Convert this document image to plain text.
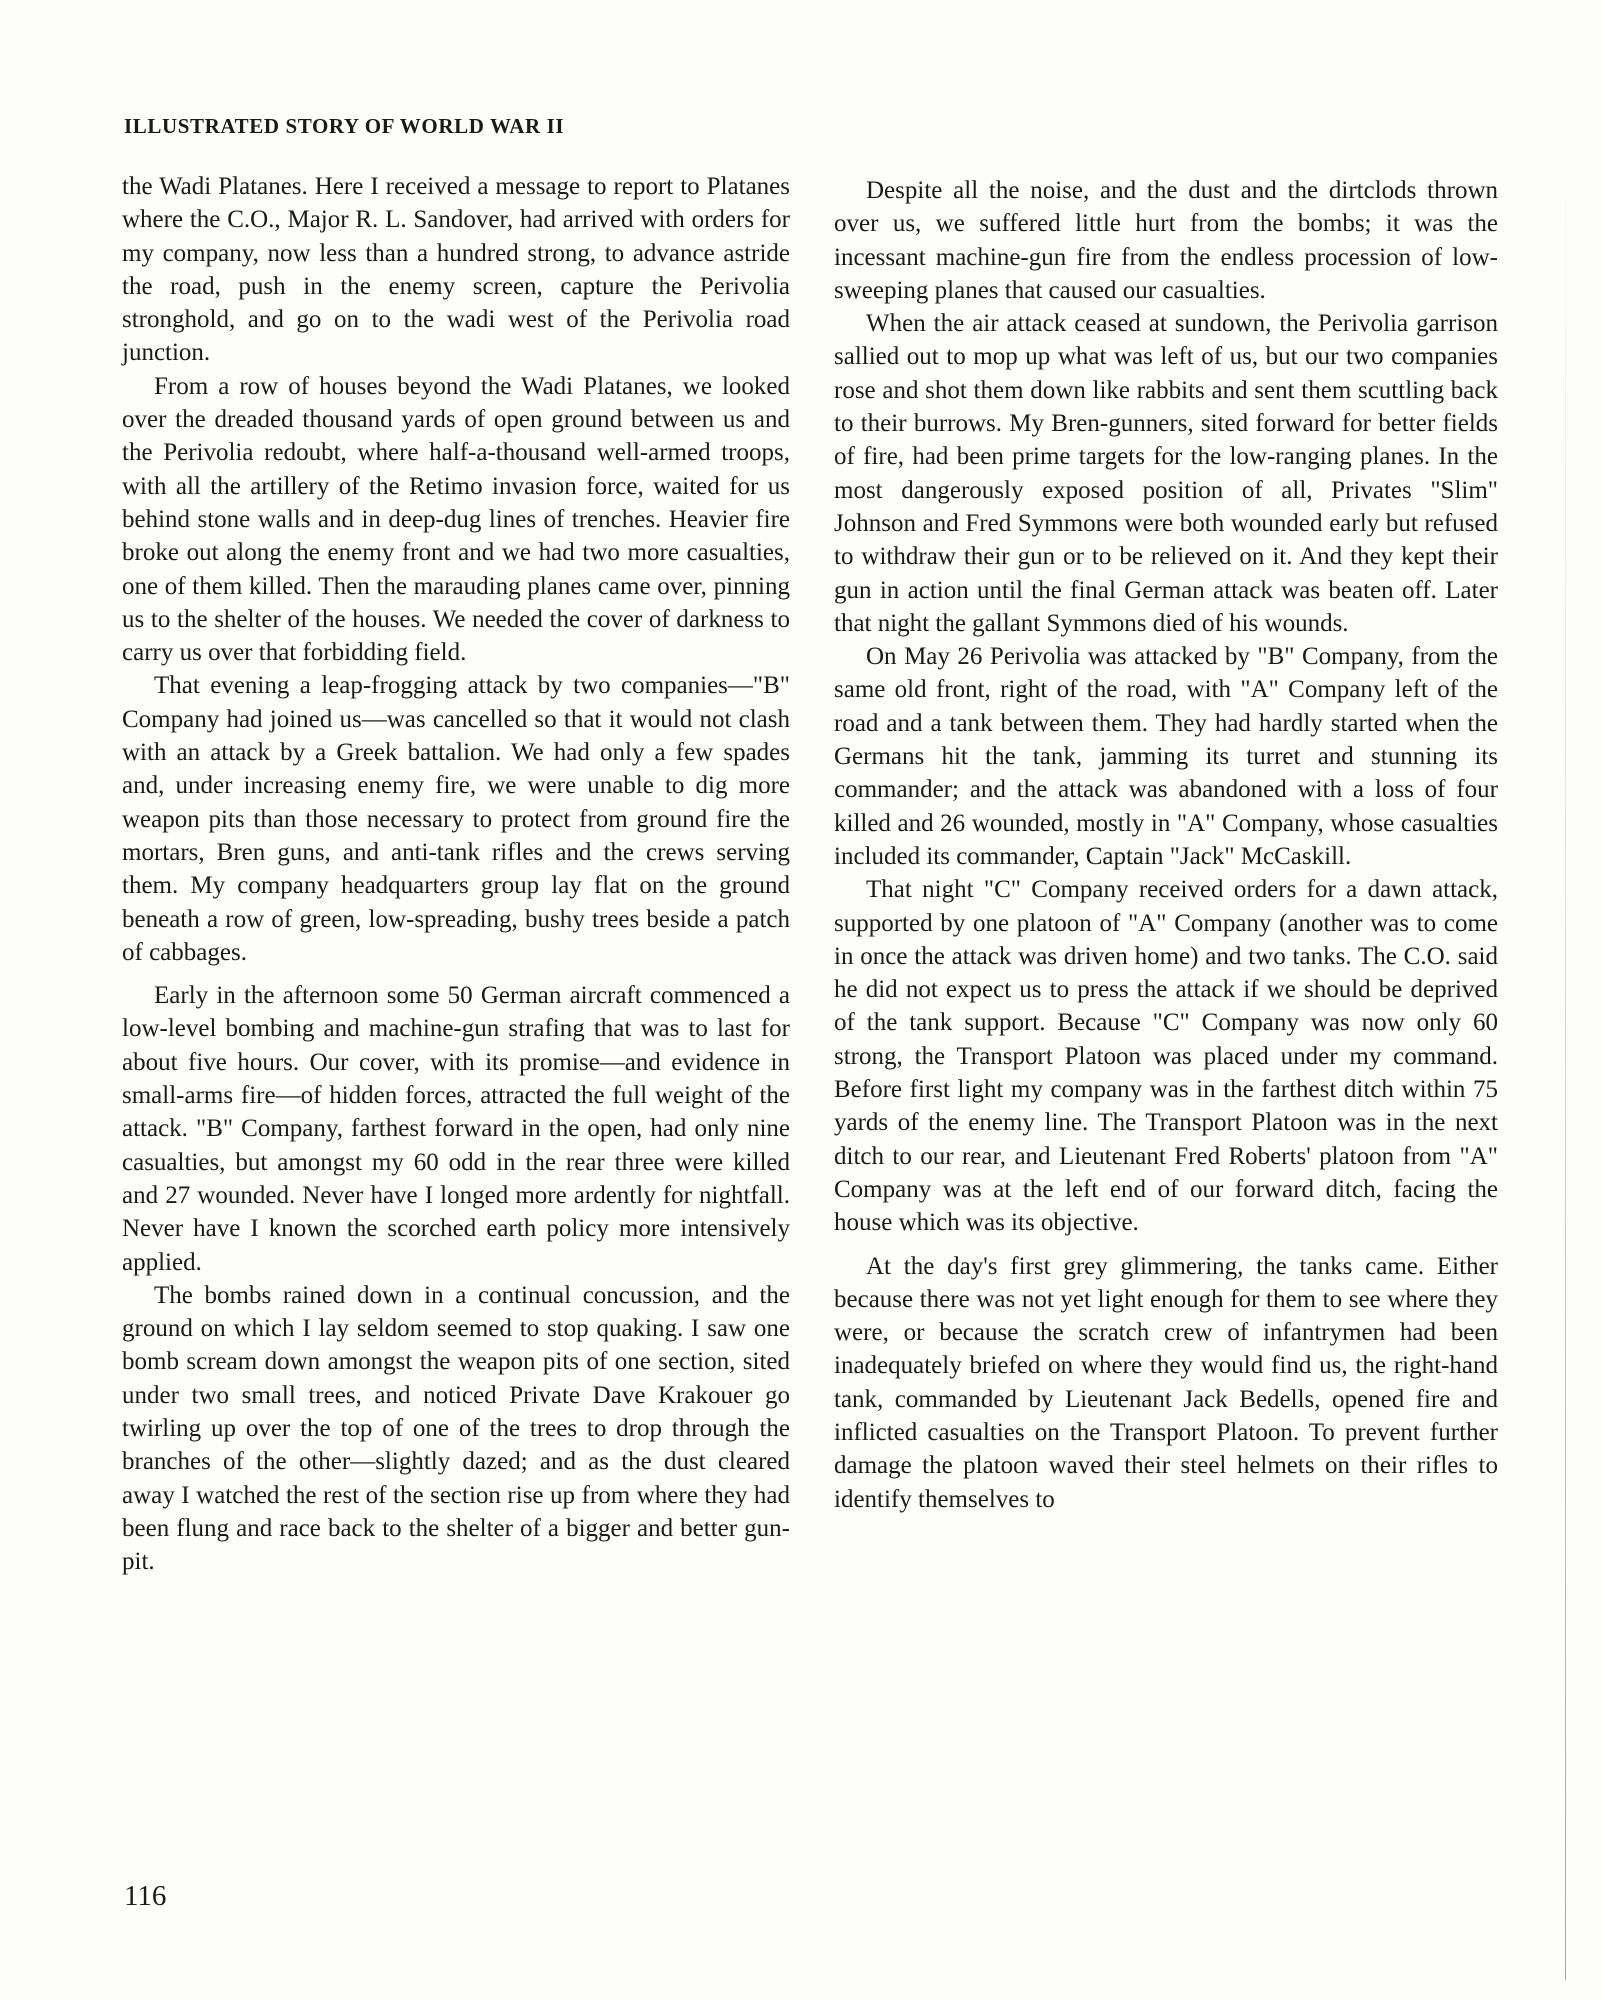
ILLUSTRATED STORY OF WORLD WAR II

the Wadi Platanes. Here I received a message to report to Platanes where the C.O., Major R. L. Sandover, had arrived with orders for my company, now less than a hundred strong, to advance astride the road, push in the enemy screen, capture the Perivolia stronghold, and go on to the wadi west of the Perivolia road junction.

From a row of houses beyond the Wadi Platanes, we looked over the dreaded thousand yards of open ground between us and the Perivolia redoubt, where half-a-thousand well-armed troops, with all the artillery of the Retimo invasion force, waited for us behind stone walls and in deep-dug lines of trenches. Heavier fire broke out along the enemy front and we had two more casualties, one of them killed. Then the marauding planes came over, pinning us to the shelter of the houses. We needed the cover of darkness to carry us over that forbidding field.

That evening a leap-frogging attack by two companies—"B" Company had joined us—was cancelled so that it would not clash with an attack by a Greek battalion. We had only a few spades and, under increasing enemy fire, we were unable to dig more weapon pits than those necessary to protect from ground fire the mortars, Bren guns, and anti-tank rifles and the crews serving them. My company headquarters group lay flat on the ground beneath a row of green, low-spreading, bushy trees beside a patch of cabbages.

Early in the afternoon some 50 German aircraft commenced a low-level bombing and machine-gun strafing that was to last for about five hours. Our cover, with its promise—and evidence in small-arms fire—of hidden forces, attracted the full weight of the attack. "B" Company, farthest forward in the open, had only nine casualties, but amongst my 60 odd in the rear three were killed and 27 wounded. Never have I longed more ardently for nightfall. Never have I known the scorched earth policy more intensively applied.

The bombs rained down in a continual concussion, and the ground on which I lay seldom seemed to stop quaking. I saw one bomb scream down amongst the weapon pits of one section, sited under two small trees, and noticed Private Dave Krakouer go twirling up over the top of one of the trees to drop through the branches of the other—slightly dazed; and as the dust cleared away I watched the rest of the section rise up from where they had been flung and race back to the shelter of a bigger and better gun-pit.

Despite all the noise, and the dust and the dirtclods thrown over us, we suffered little hurt from the bombs; it was the incessant machine-gun fire from the endless procession of low-sweeping planes that caused our casualties.

When the air attack ceased at sundown, the Perivolia garrison sallied out to mop up what was left of us, but our two companies rose and shot them down like rabbits and sent them scuttling back to their burrows. My Bren-gunners, sited forward for better fields of fire, had been prime targets for the low-ranging planes. In the most dangerously exposed position of all, Privates "Slim" Johnson and Fred Symmons were both wounded early but refused to withdraw their gun or to be relieved on it. And they kept their gun in action until the final German attack was beaten off. Later that night the gallant Symmons died of his wounds.

On May 26 Perivolia was attacked by "B" Company, from the same old front, right of the road, with "A" Company left of the road and a tank between them. They had hardly started when the Germans hit the tank, jamming its turret and stunning its commander; and the attack was abandoned with a loss of four killed and 26 wounded, mostly in "A" Company, whose casualties included its commander, Captain "Jack" McCaskill.

That night "C" Company received orders for a dawn attack, supported by one platoon of "A" Company (another was to come in once the attack was driven home) and two tanks. The C.O. said he did not expect us to press the attack if we should be deprived of the tank support. Because "C" Company was now only 60 strong, the Transport Platoon was placed under my command. Before first light my company was in the farthest ditch within 75 yards of the enemy line. The Transport Platoon was in the next ditch to our rear, and Lieutenant Fred Roberts' platoon from "A" Company was at the left end of our forward ditch, facing the house which was its objective.

At the day's first grey glimmering, the tanks came. Either because there was not yet light enough for them to see where they were, or because the scratch crew of infantrymen had been inadequately briefed on where they would find us, the right-hand tank, commanded by Lieutenant Jack Bedells, opened fire and inflicted casualties on the Transport Platoon. To prevent further damage the platoon waved their steel helmets on their rifles to identify themselves to

116
